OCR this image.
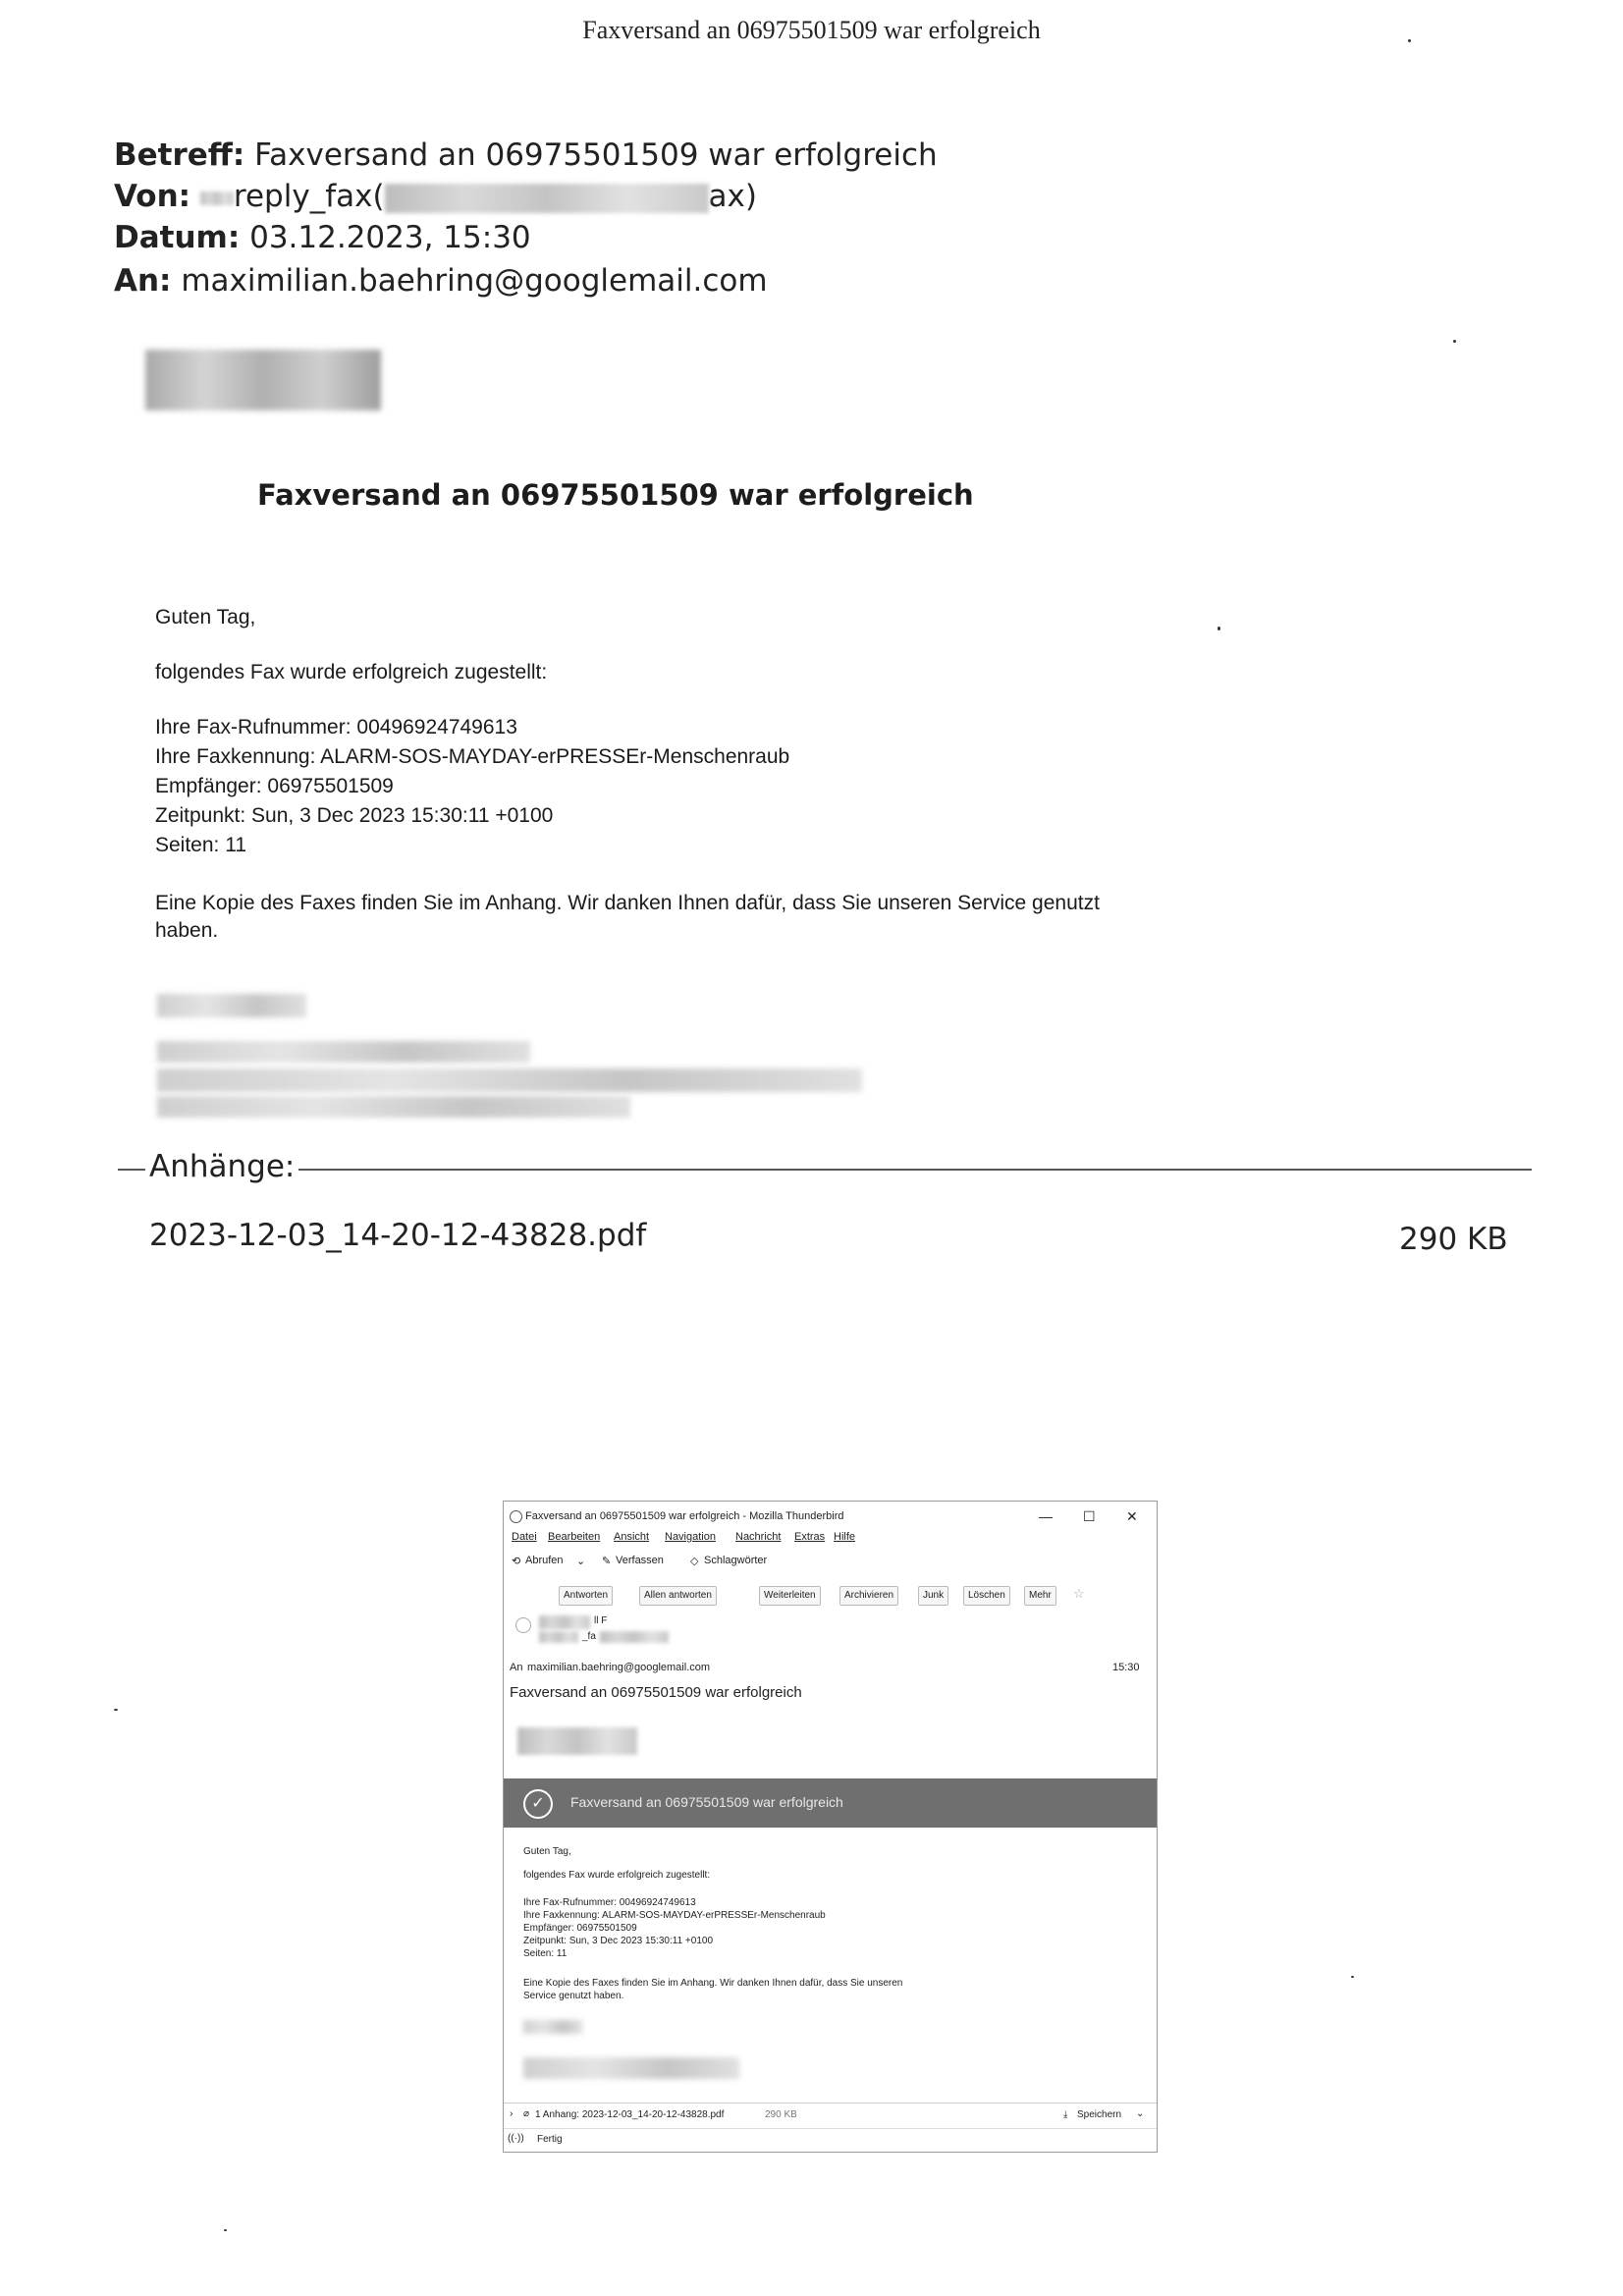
Faxversand an 06975501509 war erfolgreich
Betreff: Faxversand an 06975501509 war erfolgreich
Von: reply_fax(	ax)
Datum: 03.12.2023, 15:30
An: maximilian.baehring@googlemail.com
Faxversand an 06975501509 war erfolgreich
Guten Tag,
folgendes Fax wurde erfolgreich zugestellt:
Ihre Fax-Rufnummer: 00496924749613
Ihre Faxkennung: ALARM-SOS-MAYDAY-erPRESSEr-Menschenraub
Empfänger: 06975501509
Zeitpunkt: Sun, 3 Dec 2023 15:30:11 +0100
Seiten: 11
Eine Kopie des Faxes finden Sie im Anhang. Wir danken Ihnen dafür, dass Sie unseren Service genutzt
haben.
Anhänge:
2023-12-03_14-20-12-43828.pdf	290 KB
Faxversand an 06975501509 war erfolgreich - Mozilla Thunderbird	— ☐ ✕
Datei Bearbeiten Ansicht Navigation Nachricht Extras Hilfe
⟲ Abrufen ⌄ ✎ Verfassen ◇ Schlagwörter
Antworten	Allen antworten	Weiterleiten	Archivieren	Junk	Löschen	Mehr	☆
ll F
_fa
An maximilian.baehring@googlemail.com	15:30
Faxversand an 06975501509 war erfolgreich
✓	Faxversand an 06975501509 war erfolgreich
Guten Tag,
folgendes Fax wurde erfolgreich zugestellt:
Ihre Fax-Rufnummer: 00496924749613
Ihre Faxkennung: ALARM-SOS-MAYDAY-erPRESSEr-Menschenraub
Empfänger: 06975501509
Zeitpunkt: Sun, 3 Dec 2023 15:30:11 +0100
Seiten: 11
Eine Kopie des Faxes finden Sie im Anhang. Wir danken Ihnen dafür, dass Sie unseren
Service genutzt haben.
› ⌀ 1 Anhang: 2023-12-03_14-20-12-43828.pdf	290 KB	⤓ Speichern ⌄
((·)) Fertig
